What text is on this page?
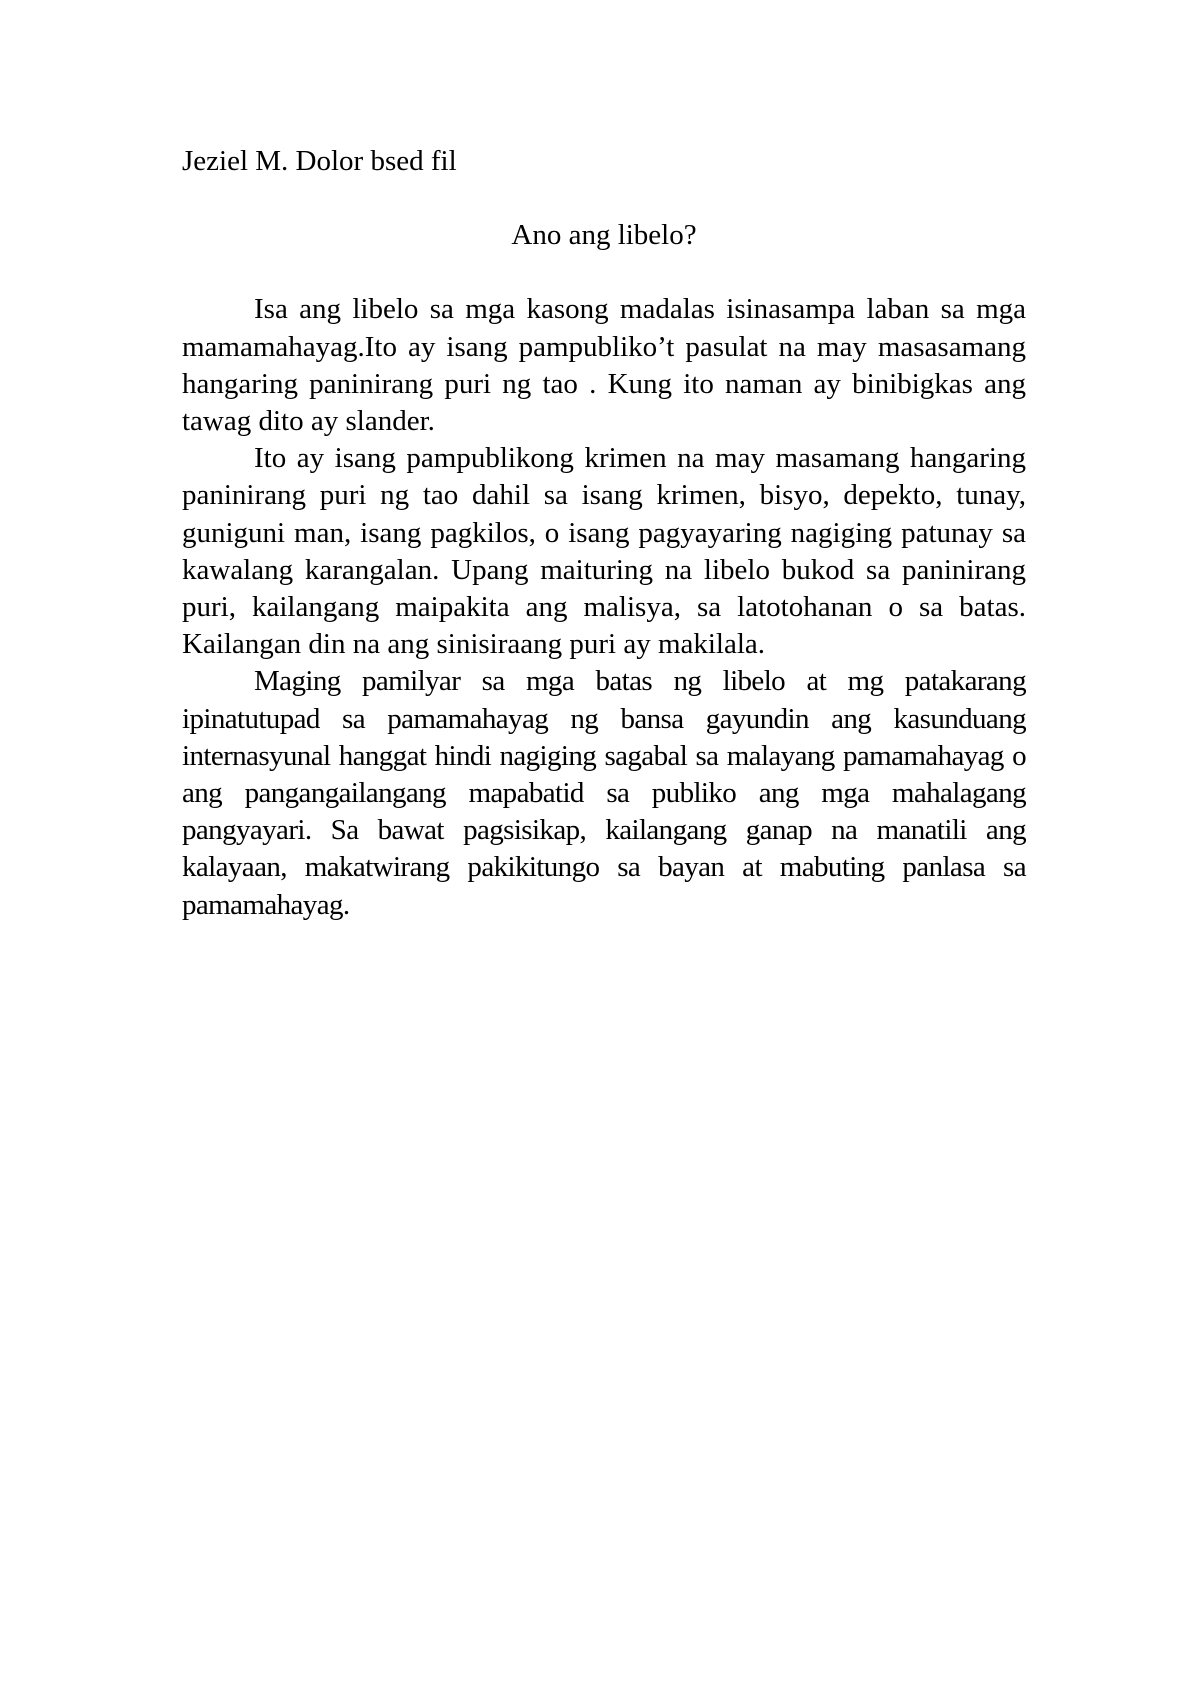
Jeziel M. Dolor bsed fil

Ano ang libelo?

Isa ang libelo sa mga kasong madalas isinasampa laban sa mga mamamahayag.Ito ay isang pampubliko’t pasulat na may masasamang hangaring paninirang puri ng tao . Kung ito naman ay binibigkas ang tawag dito ay slander.

Ito ay isang pampublikong krimen na may masamang hangaring paninirang puri ng tao dahil sa isang krimen, bisyo, depekto, tunay, guniguni man, isang pagkilos, o isang pagyayaring nagiging patunay sa kawalang karangalan. Upang maituring na libelo bukod sa paninirang puri, kailangang maipakita ang malisya, sa latotohanan o sa batas. Kailangan din na ang sinisiraang puri ay makilala.

Maging pamilyar sa mga batas ng libelo at mg patakarang ipinatutupad sa pamamahayag ng bansa gayundin ang kasunduang internasyunal hanggat hindi nagiging sagabal sa malayang pamamahayag o ang pangangailangang mapabatid sa publiko ang mga mahalagang pangyayari. Sa bawat pagsisikap, kailangang ganap na manatili ang kalayaan, makatwirang pakikitungo sa bayan at mabuting panlasa sa pamamahayag.
